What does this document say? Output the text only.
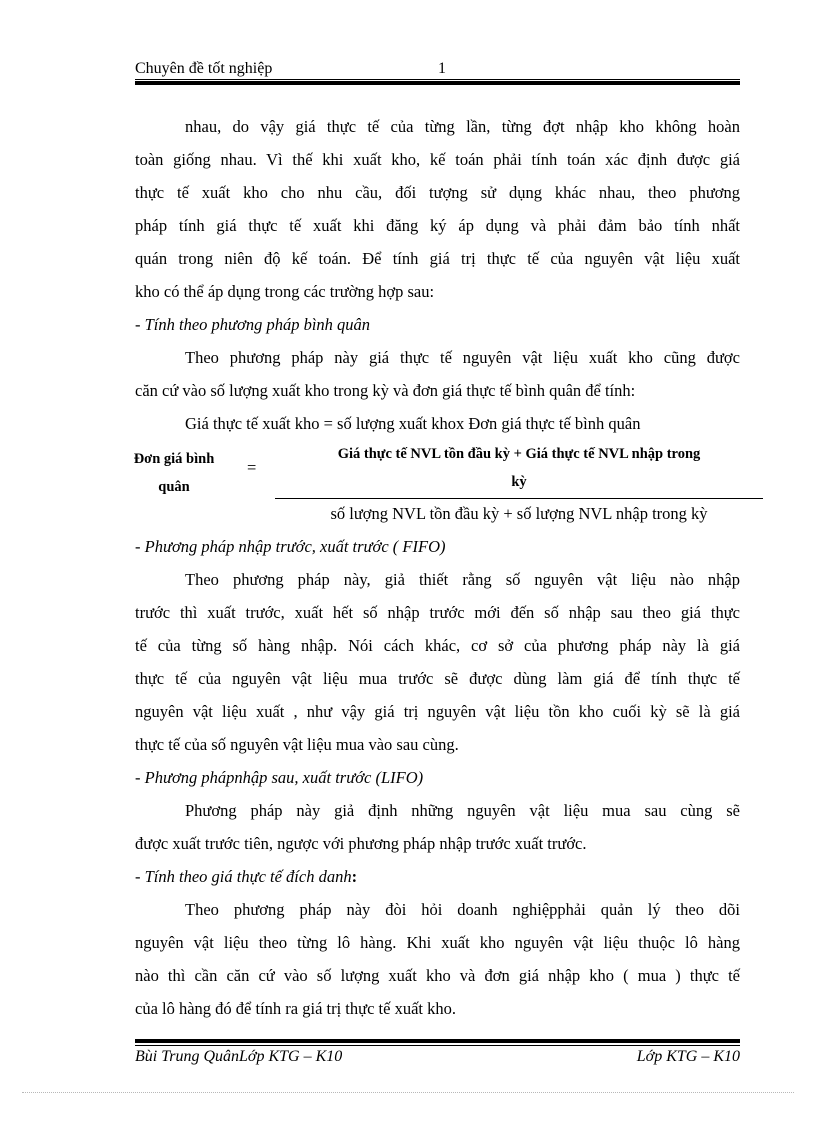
Chuyên đề tốt nghiệp	1
nhau, do vậy giá thực tế của từng lần, từng đợt nhập kho không hoàn
toàn giống nhau. Vì thế khi xuất kho, kế toán phải tính toán xác định được giá
thực tế xuất kho cho nhu cầu, đối tượng sử dụng khác nhau, theo phương
pháp tính giá thực tế xuất khi đăng ký áp dụng và phải đảm bảo tính nhất
quán trong niên độ kế toán. Để tính giá trị thực tế của nguyên vật liệu xuất
kho có thể áp dụng trong các trường hợp sau:
- Tính theo phương pháp bình quân
Theo phương pháp này giá thực tế nguyên vật liệu xuất kho cũng được
căn cứ vào số lượng xuất kho trong kỳ và đơn giá thực tế bình quân để tính:
Giá thực tế xuất kho = số lượng xuất khox Đơn giá thực tế bình quân
Đơn giá bình
quân
=
Giá thực tế NVL tồn đầu kỳ + Giá thực tế NVL nhập trong
kỳ
số lượng NVL tồn đầu kỳ + số lượng NVL nhập trong kỳ
- Phương pháp nhập trước, xuất trước ( FIFO)
Theo phương pháp này, giả thiết rằng số nguyên vật liệu nào nhập
trước thì xuất trước, xuất hết số nhập trước mới đến số nhập sau theo giá thực
tế của từng số hàng nhập. Nói cách khác, cơ sở của phương pháp này là giá
thực tế của nguyên vật liệu mua trước sẽ được dùng làm giá để tính thực tế
nguyên vật liệu xuất , như vậy giá trị nguyên vật liệu tồn kho cuối kỳ sẽ là giá
thực tế của số nguyên vật liệu mua vào sau cùng.
- Phương phápnhập sau, xuất trước (LIFO)
Phương pháp này giả định những nguyên vật liệu mua sau cùng sẽ
được xuất trước tiên, ngược với phương pháp nhập trước xuất trước.
- Tính theo giá thực tế đích danh:
Theo phương pháp này đòi hỏi doanh nghiệpphải quản lý theo dõi
nguyên vật liệu theo từng lô hàng. Khi xuất kho nguyên vật liệu thuộc lô hàng
nào thì cần căn cứ vào số lượng xuất kho và đơn giá nhập kho ( mua ) thực tế
của lô hàng đó để tính ra giá trị thực tế xuất kho.
Bùi Trung QuânLớp KTG – K10	Lớp KTG – K10
